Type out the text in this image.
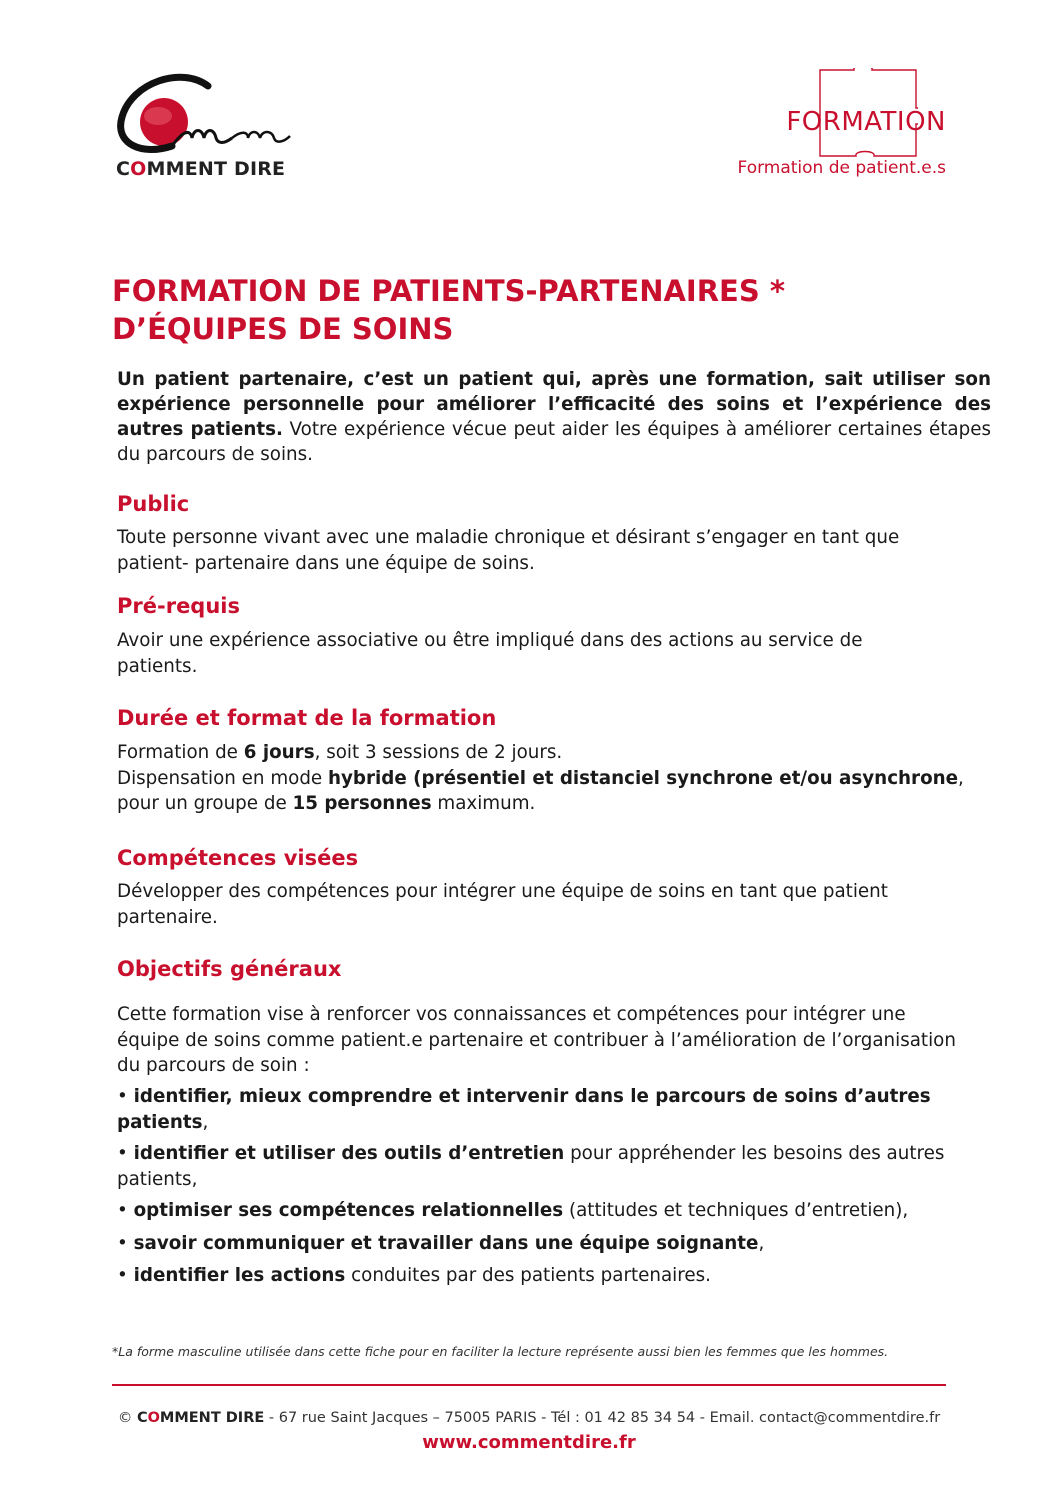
COMMENT DIRE
FORMATION
Formation de patient.e.s
FORMATION DE PATIENTS-PARTENAIRES *
D’ÉQUIPES DE SOINS
Un patient partenaire, c’est un patient qui, après une formation, sait utiliser son expérience personnelle pour améliorer l’efficacité des soins et l’expérience des autres patients. Votre expérience vécue peut aider les équipes à améliorer certaines étapes du parcours de soins.
Public
Toute personne vivant avec une maladie chronique et désirant s’engager en tant que
patient- partenaire dans une équipe de soins.
Pré-requis
Avoir une expérience associative ou être impliqué dans des actions au service de
patients.
Durée et format de la formation
Formation de 6 jours, soit 3 sessions de 2 jours.
Dispensation en mode hybride (présentiel et distanciel synchrone et/ou asynchrone,
pour un groupe de 15 personnes maximum.
Compétences visées
Développer des compétences pour intégrer une équipe de soins en tant que patient
partenaire.
Objectifs généraux
Cette formation vise à renforcer vos connaissances et compétences pour intégrer une
équipe de soins comme patient.e partenaire et contribuer à l’amélioration de l’organisation
du parcours de soin :
• identifier, mieux comprendre et intervenir dans le parcours de soins d’autres
patients,
• identifier et utiliser des outils d’entretien pour appréhender les besoins des autres
patients,
• optimiser ses compétences relationnelles (attitudes et techniques d’entretien),
• savoir communiquer et travailler dans une équipe soignante,
• identifier les actions conduites par des patients partenaires.
*La forme masculine utilisée dans cette fiche pour en faciliter la lecture représente aussi bien les femmes que les hommes.
© COMMENT DIRE - 67 rue Saint Jacques – 75005 PARIS - Tél : 01 42 85 34 54 - Email. contact@commentdire.fr
www.commentdire.fr
